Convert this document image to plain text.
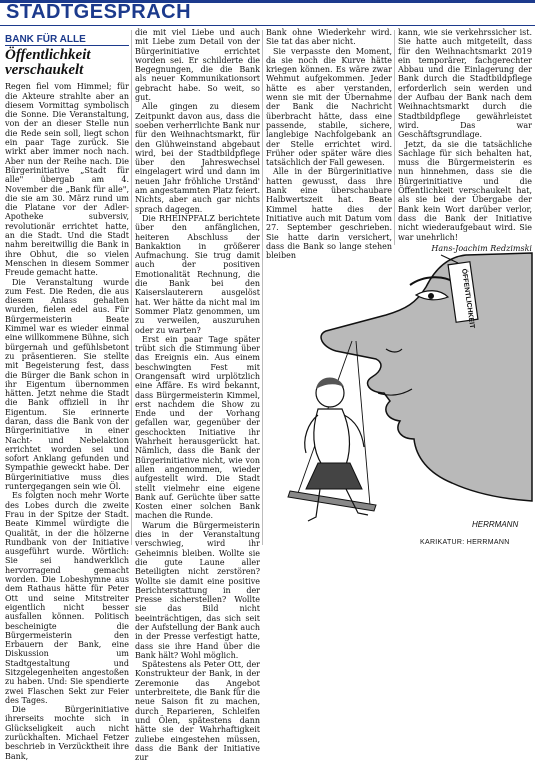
STADTGESPRÄCH
BANK FÜR ALLE
Öffentlichkeit verschaukelt

Regen fiel vom Himmel; für die Akteure strahlte aber an diesem Vormittag symbolisch die Sonne. Die Veranstaltung, von der an dieser Stelle nun die Rede sein soll, liegt schon ein paar Tage zurück. Sie wirkt aber immer noch nach. Aber nun der Reihe nach. Die Bürgerinitiative „Stadt für alle" übergab am 4. November die „Bank für alle", die sie am 30. März rund um die Platane vor der Adler-Apotheke subversiv, revolutionär errichtet hatte, an die Stadt. Und die Stadt nahm bereitwillig die Bank in ihre Obhut, die so vielen Menschen in diesem Sommer Freude gemacht hatte.

Die Veranstaltung wurde zum Fest. Die Reden, die aus diesem Anlass gehalten wurden, fielen edel aus. Für Bürgermeisterin Beate Kimmel war es wieder einmal eine willkommene Bühne, sich bürgernah und gefühlsbetont zu präsentieren. Sie stellte mit Begeisterung fest, dass die Bürger die Bank schon in ihr Eigentum übernommen hätten. Jetzt nehme die Stadt die Bank offiziell in ihr Eigentum. Sie erinnerte daran, dass die Bank von der Bürgerinitiative in einer Nacht- und Nebelaktion errichtet worden sei und sofort Anklang gefunden und Sympathie geweckt habe. Der Bürgerinitiative muss dies runtergegangen sein wie Öl.

Es folgten noch mehr Worte des Lobes durch die zweite Frau in der Spitze der Stadt. Beate Kimmel würdigte die Qualität, in der die hölzerne Rundbank von der Initiative ausgeführt wurde. Wörtlich: Sie sei handwerklich hervorragend gemacht worden. Die Lobeshymne aus dem Rathaus hätte für Peter Ott und seine Mitstreiter eigentlich nicht besser ausfallen können. Politisch bescheinigte die Bürgermeisterin den Erbauern der Bank, eine Diskussion um Stadtgestaltung und Sitzgelegenheiten angestoßen zu haben. Und: Sie spendierte zwei Flaschen Sekt zur Feier des Tages.

Die Bürgerinitiative ihrerseits mochte sich in Glückseligkeit auch nicht zurückhalten. Michael Fetzer beschrieb in Verzücktheit ihre Bank,

die mit viel Liebe und auch mit Liebe zum Detail von der Bürgerinitiative errichtet worden sei. Er schilderte die Begegnungen, die die Bank als neuer Kommunikationsort gebracht habe. So weit, so gut.

Alle gingen zu diesem Zeitpunkt davon aus, dass die soeben verherrlichte Bank nur für den Weihnachtsmarkt, für den Glühweinstand abgebaut wird, bei der Stadtbildpflege über den Jahreswechsel eingelagert wird und dann im neuen Jahr fröhliche Urständ' am angestammten Platz feiert. Nichts, aber auch gar nichts sprach dagegen.

Die RHEINPFALZ berichtete über den anfänglichen, heiteren Abschluss der Bankaktion in größerer Aufmachung. Sie trug damit auch der positiven Emotionalität Rechnung, die die Bank bei den Kaiserslauterern ausgelöst hat. Wer hätte da nicht mal im Sommer Platz genommen, um zu verweilen, auszuruhen oder zu warten?

Erst ein paar Tage später trübt sich die Stimmung über das Ereignis ein. Aus einem beschwingten Fest mit Orangensaft wird urplötzlich eine Affäre. Es wird bekannt, dass Bürgermeisterin Kimmel, erst nachdem die Show zu Ende und der Vorhang gefallen war, gegenüber der geschockten Initiative ihr Wahrheit herausgerückt hat. Nämlich, dass die Bank der Bürgerinitiative nicht, wie von allen angenommen, wieder aufgestellt wird. Die Stadt stellt vielmehr eine eigene Bank auf. Gerüchte über satte Kosten einer solchen Bank machen die Runde.

Warum die Bürgermeisterin dies in der Veranstaltung verschwieg, wird ihr Geheimnis bleiben. Wollte sie die gute Laune aller Beteiligten nicht zerstören? Wollte sie damit eine positive Berichterstattung in der Presse sicherstellen? Wollte sie das Bild nicht beeinträchtigen, das sich seit der Aufstellung der Bank auch in der Presse verfestigt hatte, dass sie ihre Hand über die Bank hält? Wohl möglich.

Spätestens als Peter Ott, der Konstrukteur der Bank, in der Zeremonie das Angebot unterbreitete, die Bank für die neue Saison fit zu machen, durch Reparieren, Schleifen und Ölen, spätestens dann hätte sie der Wahrhaftigkeit zuliebe eingestehen müssen, dass die Bank der Initiative zur

Bank ohne Wiederkehr wird. Sie tat das aber nicht.

Sie verpasste den Moment, da sie noch die Kurve hätte kriegen können. Es wäre zwar Wehmut aufgekommen. Jeder hätte es aber verstanden, wenn sie mit der Übernahme der Bank die Nachricht überbracht hätte, dass eine passende, stabile, sichere, langlebige Nachfolgebank an der Stelle errichtet wird. Früher oder später wäre dies tatsächlich der Fall gewesen.

Alle in der Bürgerinitiative hatten gewusst, dass ihre Bank eine überschaubare Halbwertszeit hat. Beate Kimmel hatte dies der Initiative auch mit Datum vom 27. September geschrieben. Sie hatte darin versichert, dass die Bank so lange stehen bleiben

kann, wie sie verkehrssicher ist. Sie hatte auch mitgeteilt, dass für den Weihnachtsmarkt 2019 ein temporärer, fachgerechter Abbau und die Einlagerung der Bank durch die Stadtbildpflege erforderlich sein werden und der Aufbau der Bank nach dem Weihnachtsmarkt durch die Stadtbildpflege gewährleistet wird. Das war Geschäftsgrundlage.

Jetzt, da sie die tatsächliche Sachlage für sich behalten hat, muss die Bürgermeisterin es nun hinnehmen, dass sie die Bürgerinitiative und die Öffentlichkeit verschaukelt hat, als sie bei der Übergabe der Bank kein Wort darüber verlor, dass die Bank der Initiative nicht wiederaufgebaut wird. Sie war unehrlich!

Hans-Joachim Redzimski
ÖFFENTLICHKEIT
HERRMANN
KARIKATUR: HERRMANN
